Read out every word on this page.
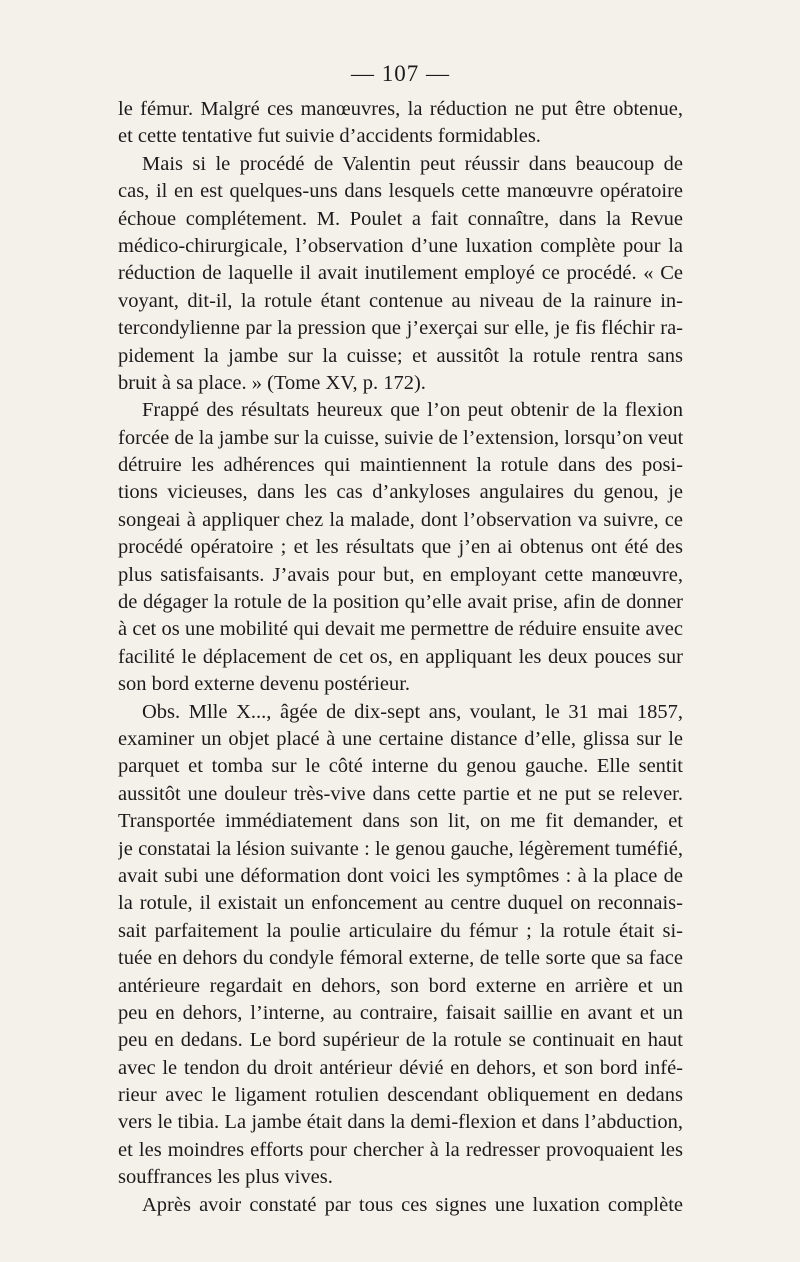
— 107 —
le fémur. Malgré ces manœuvres, la réduction ne put être obtenue,
et cette tentative fut suivie d’accidents formidables.
Mais si le procédé de Valentin peut réussir dans beaucoup de
cas, il en est quelques-uns dans lesquels cette manœuvre opératoire
échoue complétement. M. Poulet a fait connaître, dans la Revue
médico-chirurgicale, l’observation d’une luxation complète pour la
réduction de laquelle il avait inutilement employé ce procédé. « Ce
voyant, dit-il, la rotule étant contenue au niveau de la rainure in-
tercondylienne par la pression que j’exerçai sur elle, je fis fléchir ra-
pidement la jambe sur la cuisse; et aussitôt la rotule rentra sans
bruit à sa place. » (Tome XV, p. 172).
Frappé des résultats heureux que l’on peut obtenir de la flexion
forcée de la jambe sur la cuisse, suivie de l’extension, lorsqu’on veut
détruire les adhérences qui maintiennent la rotule dans des posi-
tions vicieuses, dans les cas d’ankyloses angulaires du genou, je
songeai à appliquer chez la malade, dont l’observation va suivre, ce
procédé opératoire ; et les résultats que j’en ai obtenus ont été des
plus satisfaisants. J’avais pour but, en employant cette manœuvre,
de dégager la rotule de la position qu’elle avait prise, afin de donner
à cet os une mobilité qui devait me permettre de réduire ensuite avec
facilité le déplacement de cet os, en appliquant les deux pouces sur
son bord externe devenu postérieur.
Obs. Mlle X..., âgée de dix-sept ans, voulant, le 31 mai 1857,
examiner un objet placé à une certaine distance d’elle, glissa sur le
parquet et tomba sur le côté interne du genou gauche. Elle sentit
aussitôt une douleur très-vive dans cette partie et ne put se relever.
Transportée immédiatement dans son lit, on me fit demander, et
je constatai la lésion suivante : le genou gauche, légèrement tuméfié,
avait subi une déformation dont voici les symptômes : à la place de
la rotule, il existait un enfoncement au centre duquel on reconnais-
sait parfaitement la poulie articulaire du fémur ; la rotule était si-
tuée en dehors du condyle fémoral externe, de telle sorte que sa face
antérieure regardait en dehors, son bord externe en arrière et un
peu en dehors, l’interne, au contraire, faisait saillie en avant et un
peu en dedans. Le bord supérieur de la rotule se continuait en haut
avec le tendon du droit antérieur dévié en dehors, et son bord infé-
rieur avec le ligament rotulien descendant obliquement en dedans
vers le tibia. La jambe était dans la demi-flexion et dans l’abduction,
et les moindres efforts pour chercher à la redresser provoquaient les
souffrances les plus vives.
Après avoir constaté par tous ces signes une luxation complète
